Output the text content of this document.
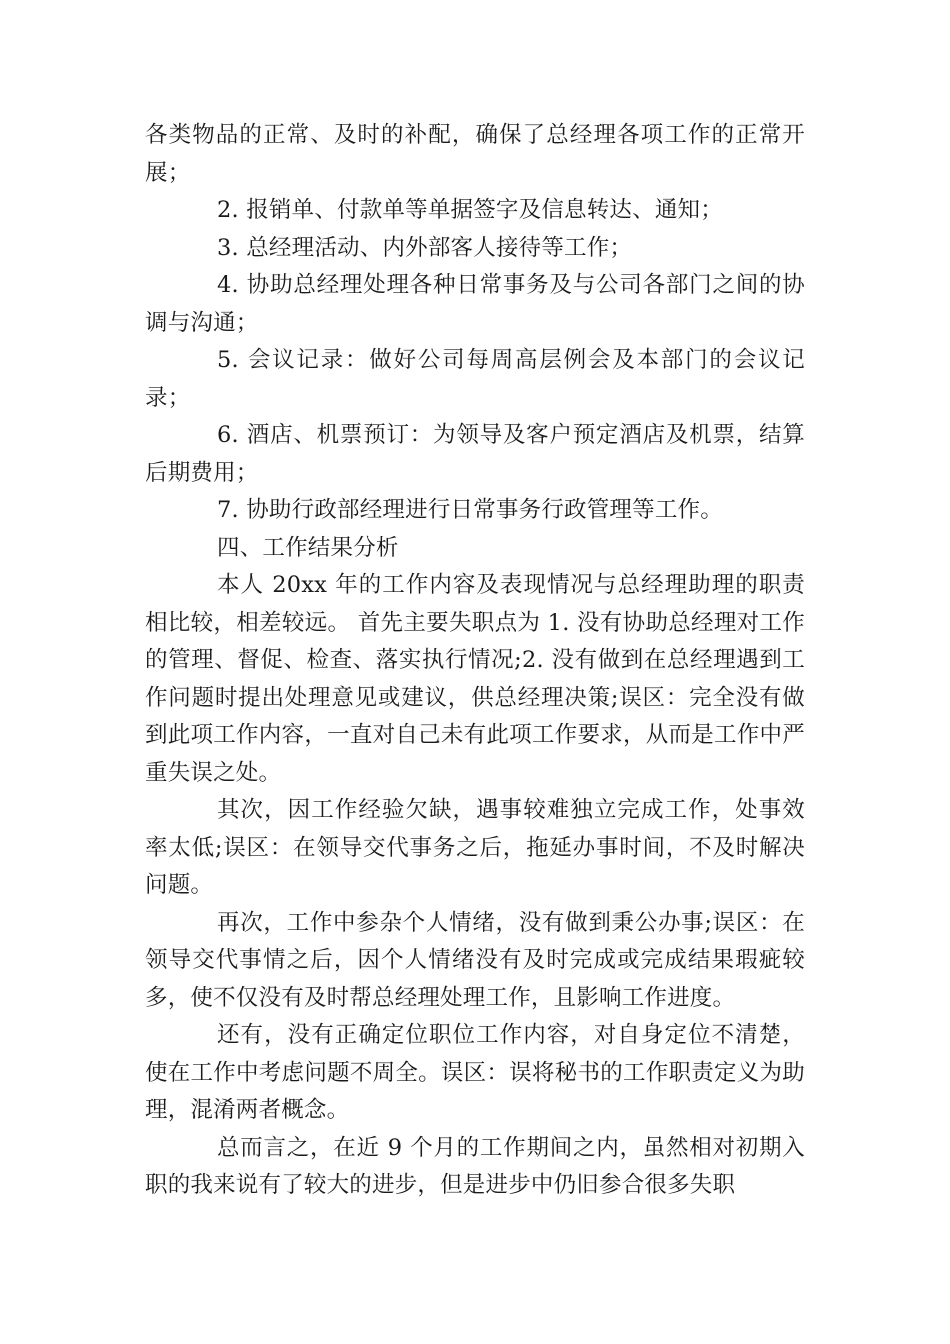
各类物品的正常、及时的补配，确保了总经理各项工作的正常开展；

2. 报销单、付款单等单据签字及信息转达、通知；

3. 总经理活动、内外部客人接待等工作；

4. 协助总经理处理各种日常事务及与公司各部门之间的协调与沟通；

5. 会议记录：做好公司每周高层例会及本部门的会议记录；

6. 酒店、机票预订：为领导及客户预定酒店及机票，结算后期费用；

7. 协助行政部经理进行日常事务行政管理等工作。

四、工作结果分析

本人 20xx 年的工作内容及表现情况与总经理助理的职责相比较，相差较远。 首先主要失职点为 1. 没有协助总经理对工作的管理、督促、检查、落实执行情况;2. 没有做到在总经理遇到工作问题时提出处理意见或建议，供总经理决策;误区：完全没有做到此项工作内容，一直对自己未有此项工作要求，从而是工作中严重失误之处。

其次，因工作经验欠缺，遇事较难独立完成工作，处事效率太低;误区：在领导交代事务之后，拖延办事时间，不及时解决问题。

再次，工作中参杂个人情绪，没有做到秉公办事;误区：在领导交代事情之后，因个人情绪没有及时完成或完成结果瑕疵较多，使不仅没有及时帮总经理处理工作，且影响工作进度。

还有，没有正确定位职位工作内容，对自身定位不清楚，使在工作中考虑问题不周全。误区：误将秘书的工作职责定义为助理，混淆两者概念。

总而言之，在近 9 个月的工作期间之内，虽然相对初期入职的我来说有了较大的进步，但是进步中仍旧参合很多失职
